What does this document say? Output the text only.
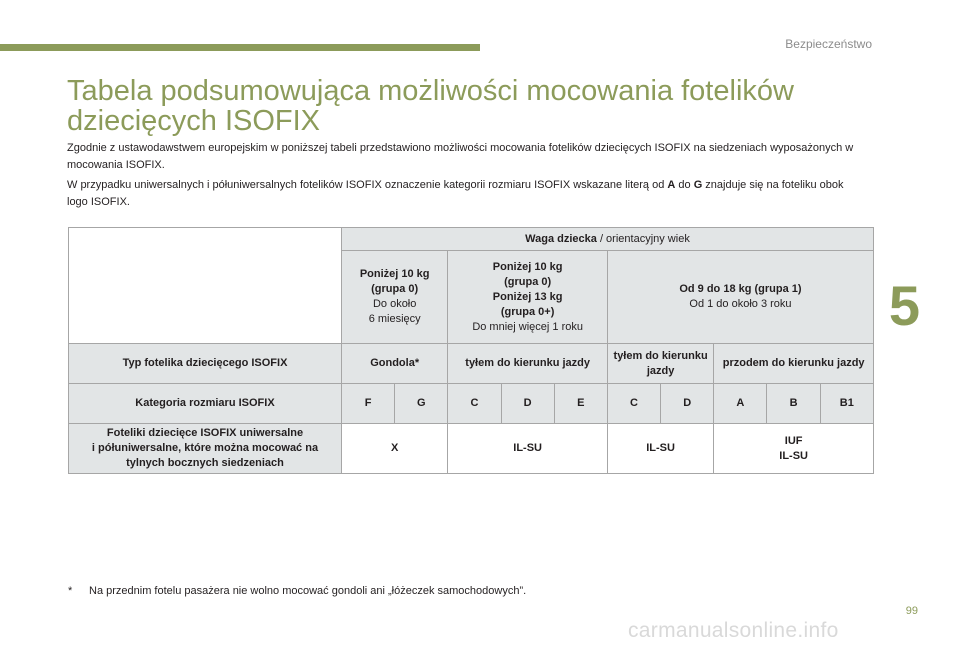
Bezpieczeństwo
5
Tabela podsumowująca możliwości mocowania fotelików dziecięcych ISOFIX

Zgodnie z ustawodawstwem europejskim w poniższej tabeli przedstawiono możliwości mocowania fotelików dziecięcych ISOFIX na siedzeniach wyposażonych w mocowania ISOFIX.

W przypadku uniwersalnych i półuniwersalnych fotelików ISOFIX oznaczenie kategorii rozmiaru ISOFIX wskazane literą od A do G znajduje się na foteliku obok logo ISOFIX.

	Waga dziecka / orientacyjny wiek									
	Poniżej 10 kg
(grupa 0)
Do około
6 miesięcy		Poniżej 10 kg
(grupa 0)
Poniżej 13 kg
(grupa 0+)
Do mniej więcej 1 roku			Od 9 do 18 kg (grupa 1)
Od 1 do około 3 roku				
Typ fotelika dziecięcego ISOFIX	Gondola*		tyłem do kierunku jazdy			tyłem do kierunku jazdy		przodem do kierunku jazdy		
Kategoria rozmiaru ISOFIX	F	G	C	D	E	C	D	A	B	B1
Foteliki dziecięce ISOFIX uniwersalne
i półuniwersalne, które można mocować na
tylnych bocznych siedzeniach	X		IL-SU			IL-SU		IUF
IL-SU		
* Na przednim fotelu pasażera nie wolno mocować gondoli ani „łóżeczek samochodowych”.
99
carmanualsonline.info
